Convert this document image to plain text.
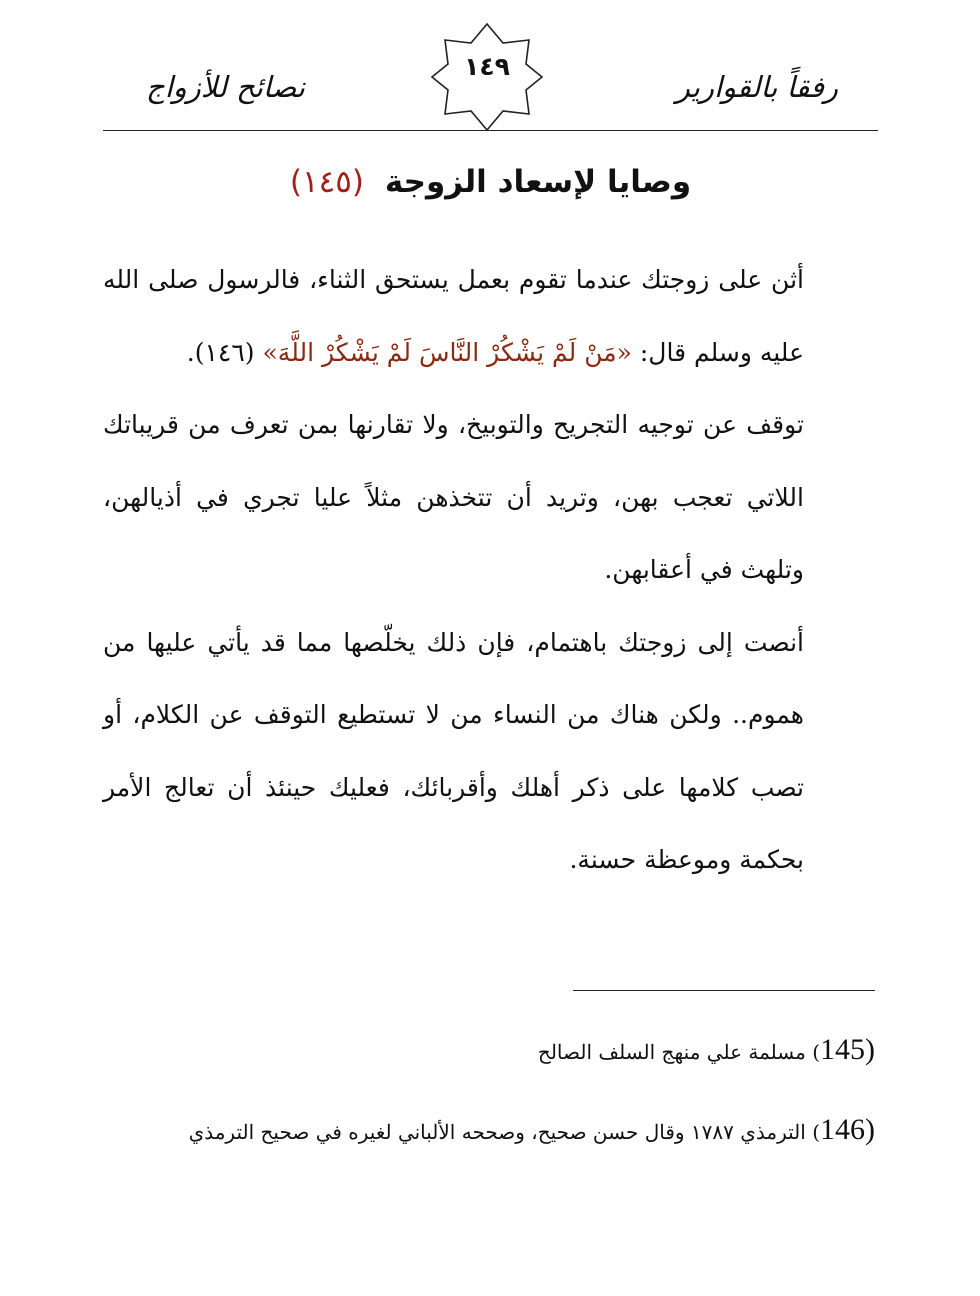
رفقاً بالقوارير
نصائح للأزواج
١٤٩
وصايا لإسعاد الزوجة (١٤٥)

أثن على زوجتك عندما تقوم بعمل يستحق الثناء، فالرسول صلى الله عليه وسلم قال: «مَنْ لَمْ يَشْكُرْ النَّاسَ لَمْ يَشْكُرْ اللَّهَ» (١٤٦).

توقف عن توجيه التجريح والتوبيخ، ولا تقارنها بمن تعرف من قريباتك اللاتي تعجب بهن، وتريد أن تتخذهن مثلاً عليا تجري في أذيالهن، وتلهث في أعقابهن.

أنصت إلى زوجتك باهتمام، فإن ذلك يخلّصها مما قد يأتي عليها من هموم.. ولكن هناك من النساء من لا تستطيع التوقف عن الكلام، أو تصب كلامها على ذكر أهلك وأقربائك، فعليك حينئذ أن تعالج الأمر بحكمة وموعظة حسنة.

(145) مسلمة علي منهج السلف الصالح
(146) الترمذي ١٧٨٧ وقال حسن صحيح، وصححه الألباني لغيره في صحيح الترمذي
